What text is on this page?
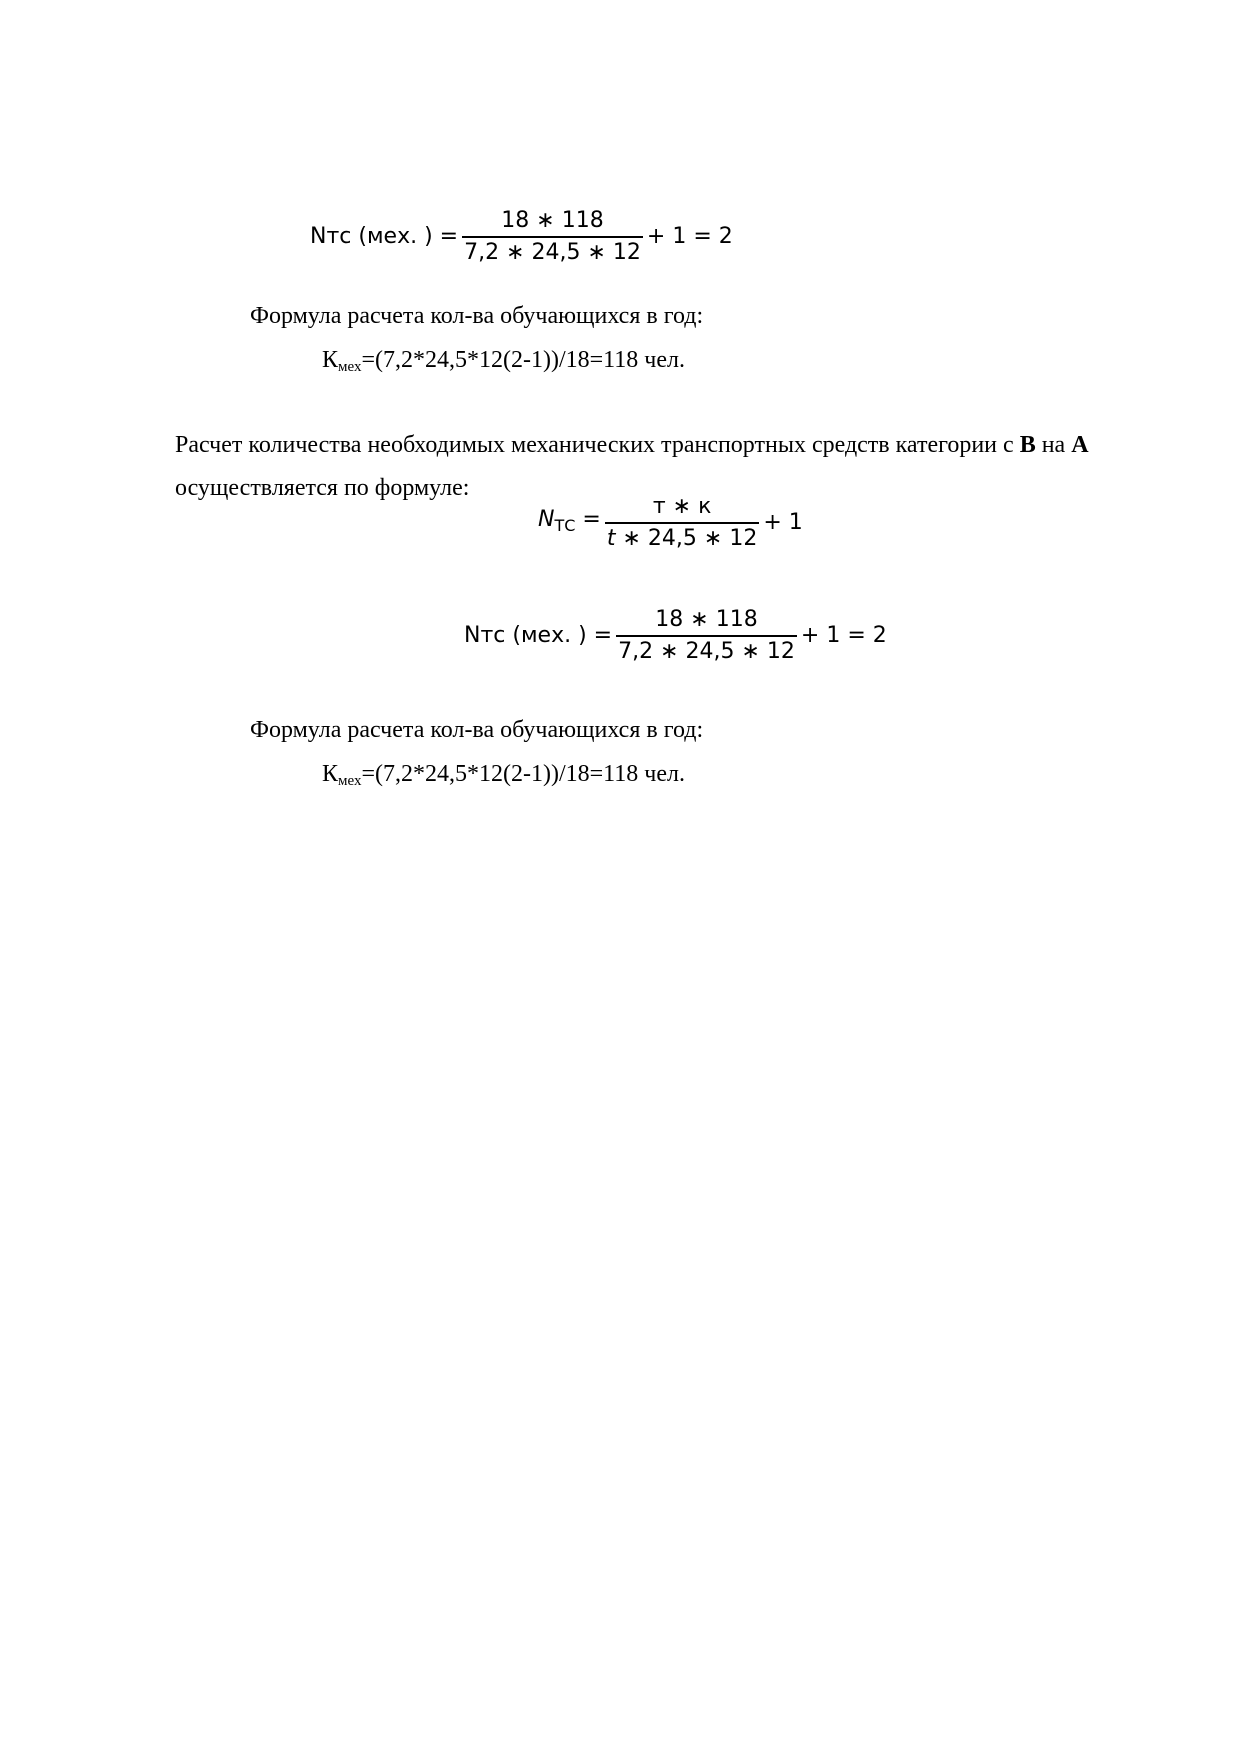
Nтс (мех. ) = $\frac{18 ∗ 118}{7,2 ∗ 24,5 ∗ 12} + 1 = 2$
Формула расчета кол-ва обучающихся в год:
Кмех=(7,2*24,5*12(2-1))/18=118 чел.
Расчет количества необходимых механических транспортных средств категории с В на А
осуществляется по формуле:
$N_{ТС} = \frac{т ∗ к}{t ∗ 24,5 ∗ 12} + 1$
Nтс (мех. ) = $\frac{18 ∗ 118}{7,2 ∗ 24,5 ∗ 12} + 1 = 2$
Формула расчета кол-ва обучающихся в год:
Кмех=(7,2*24,5*12(2-1))/18=118 чел.
